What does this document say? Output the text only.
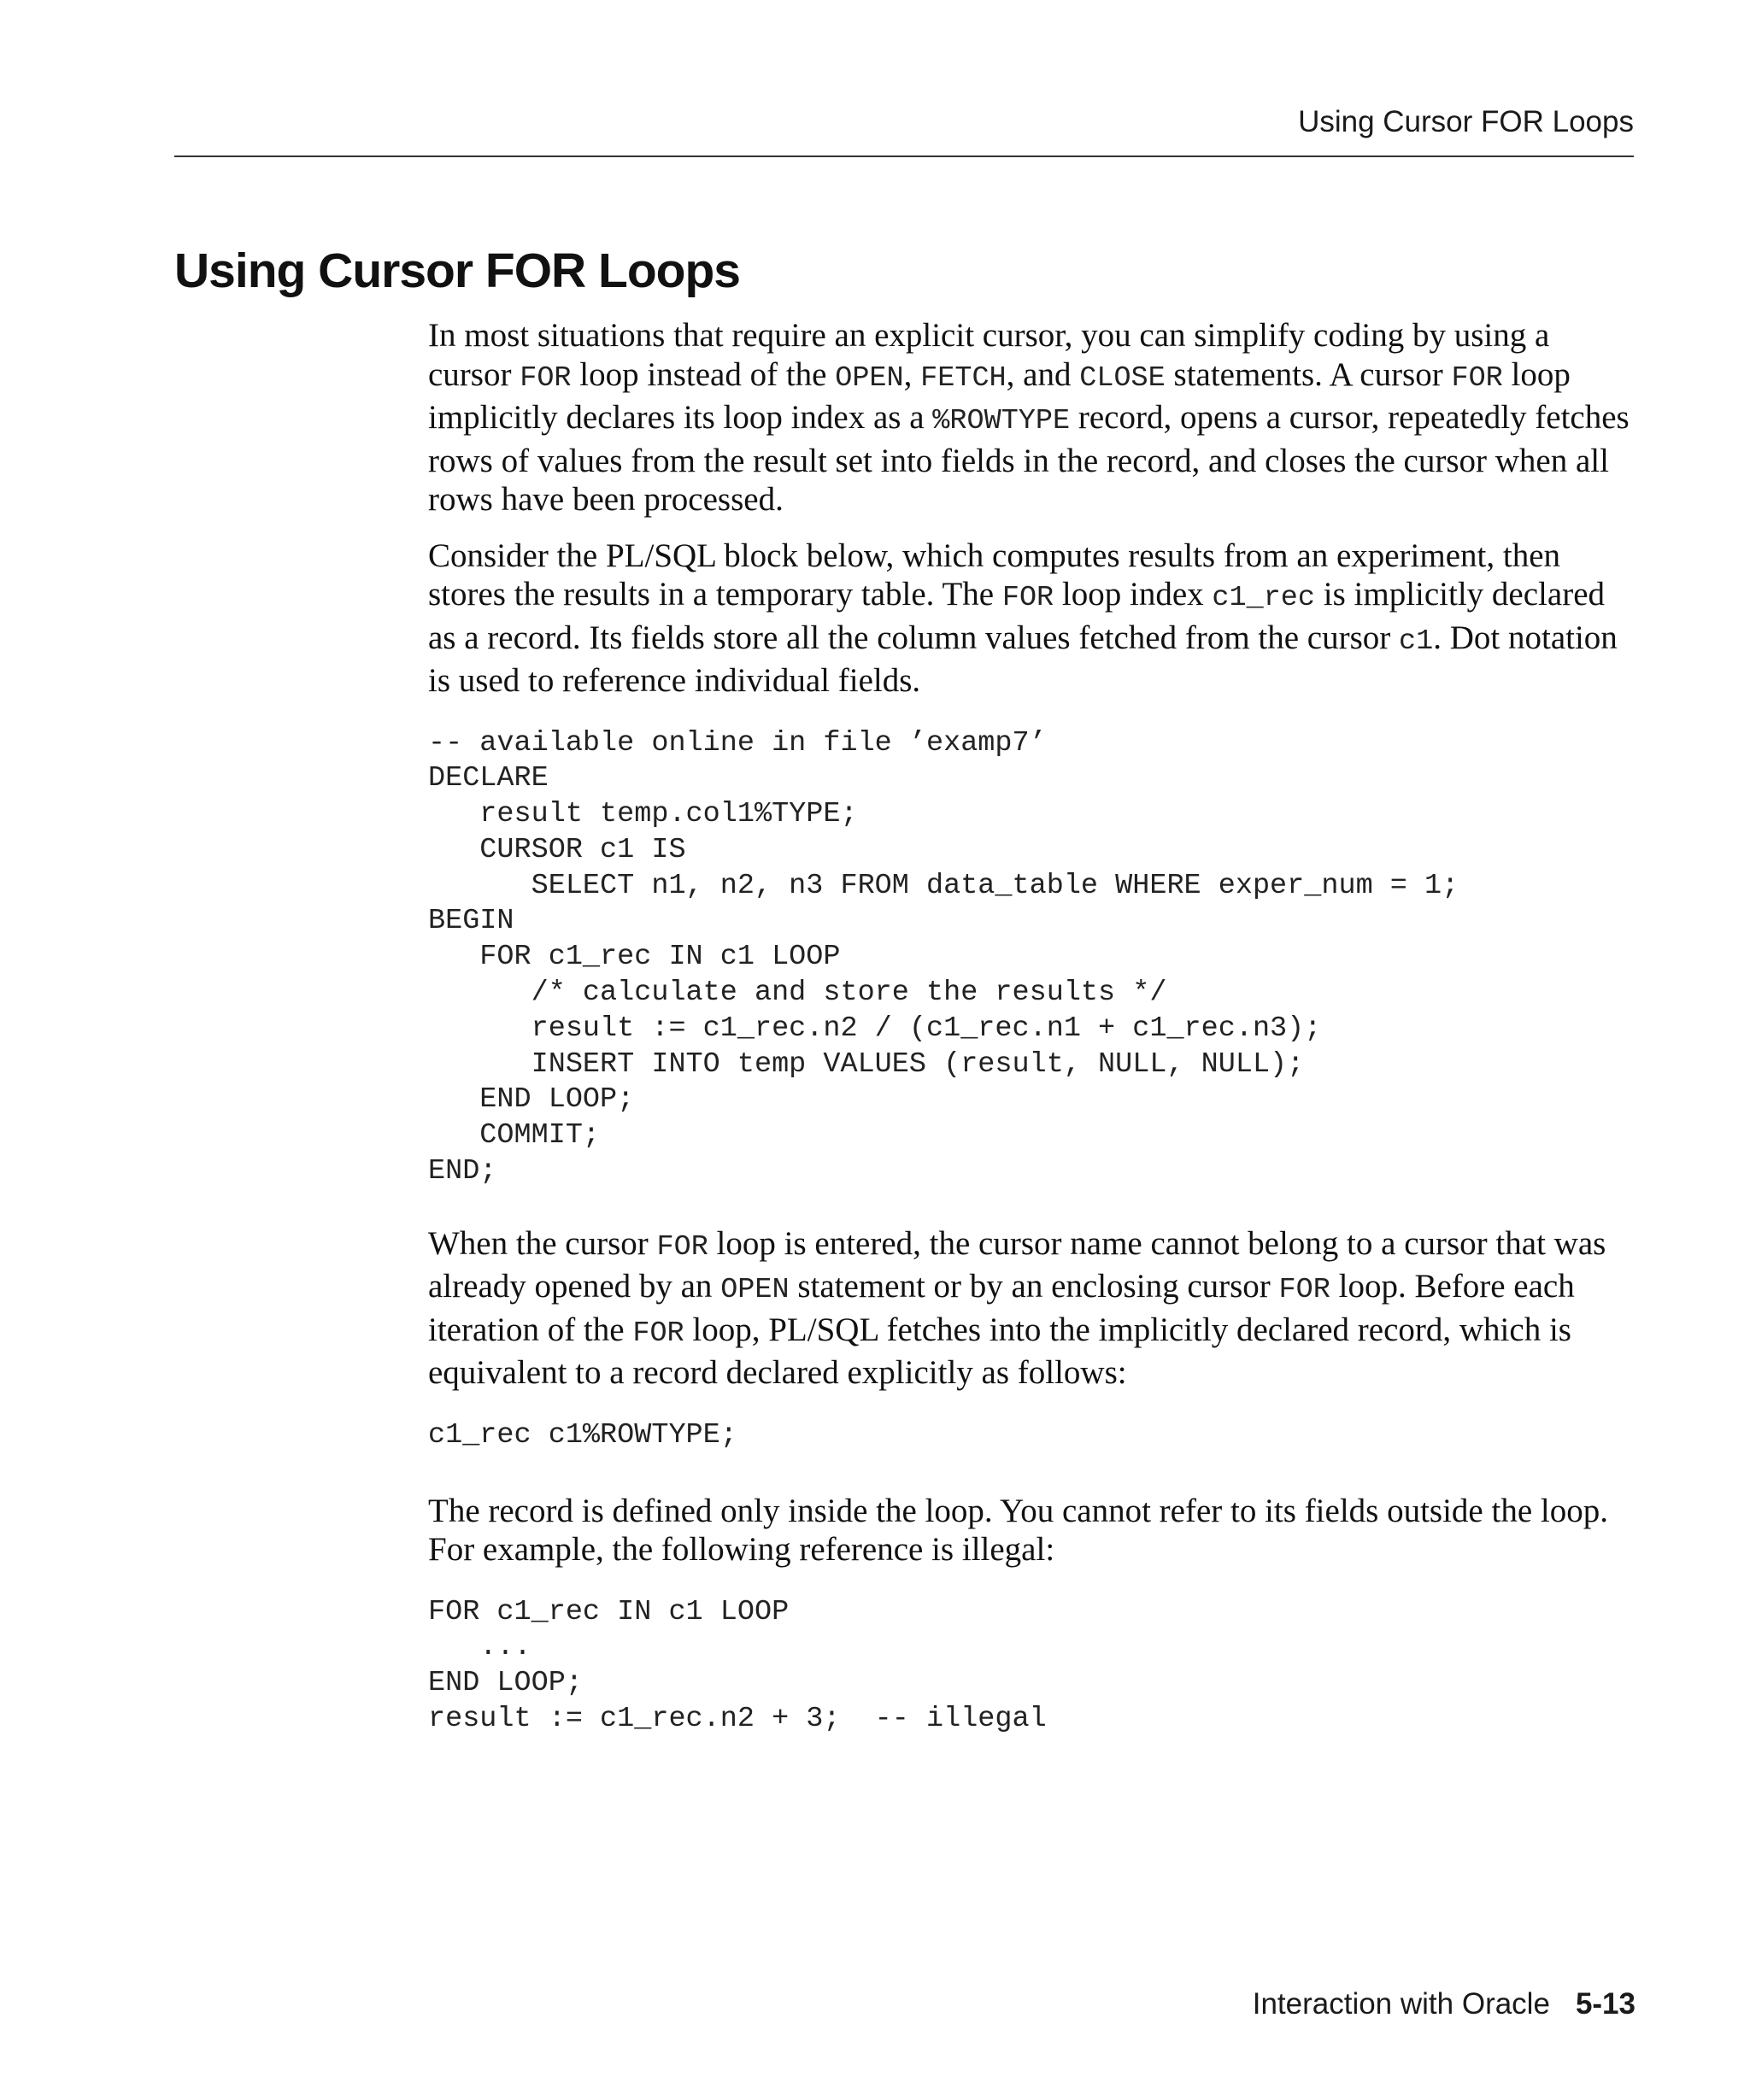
Using Cursor FOR Loops
Using Cursor FOR Loops

In most situations that require an explicit cursor, you can simplify coding by using a cursor FOR loop instead of the OPEN, FETCH, and CLOSE statements. A cursor FOR loop implicitly declares its loop index as a %ROWTYPE record, opens a cursor, repeatedly fetches rows of values from the result set into fields in the record, and closes the cursor when all rows have been processed.

Consider the PL/SQL block below, which computes results from an experiment, then stores the results in a temporary table. The FOR loop index c1_rec is implicitly declared as a record. Its fields store all the column values fetched from the cursor c1. Dot notation is used to reference individual fields.

-- available online in file ’examp7’
DECLARE
result temp.col1%TYPE;
CURSOR c1 IS
SELECT n1, n2, n3 FROM data_table WHERE exper_num = 1;
BEGIN
FOR c1_rec IN c1 LOOP
/* calculate and store the results */
result := c1_rec.n2 / (c1_rec.n1 + c1_rec.n3);
INSERT INTO temp VALUES (result, NULL, NULL);
END LOOP;
COMMIT;
END;

When the cursor FOR loop is entered, the cursor name cannot belong to a cursor that was already opened by an OPEN statement or by an enclosing cursor FOR loop. Before each iteration of the FOR loop, PL/SQL fetches into the implicitly declared record, which is equivalent to a record declared explicitly as follows:

c1_rec c1%ROWTYPE;

The record is defined only inside the loop. You cannot refer to its fields outside the loop. For example, the following reference is illegal:

FOR c1_rec IN c1 LOOP
...
END LOOP;
result := c1_rec.n2 + 3;  -- illegal
Interaction with Oracle 5-13
